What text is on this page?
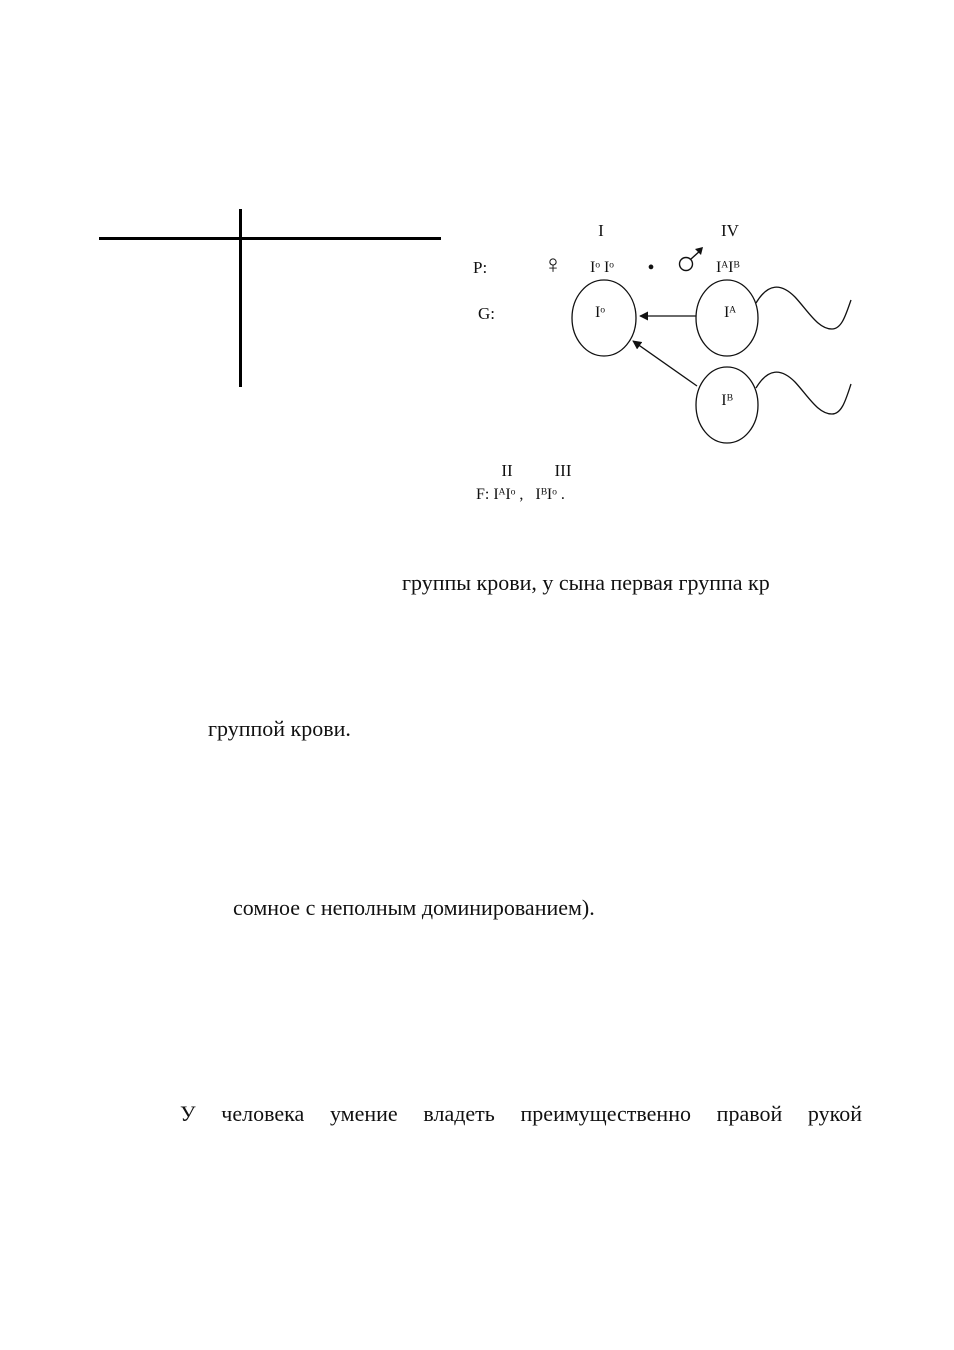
I	IV
P: ♀ Iᵒ Iᵒ •	IᴬIᴮ
G:	Iᵒ	Iᴬ
Iᴮ
II III
F: IᴬIᵒ ,   IᴮIᵒ .
группы крови, у сына первая группа кр
группой крови.
сомное с неполным доминированием).
У человека умение владеть преимущественно правой рукой
